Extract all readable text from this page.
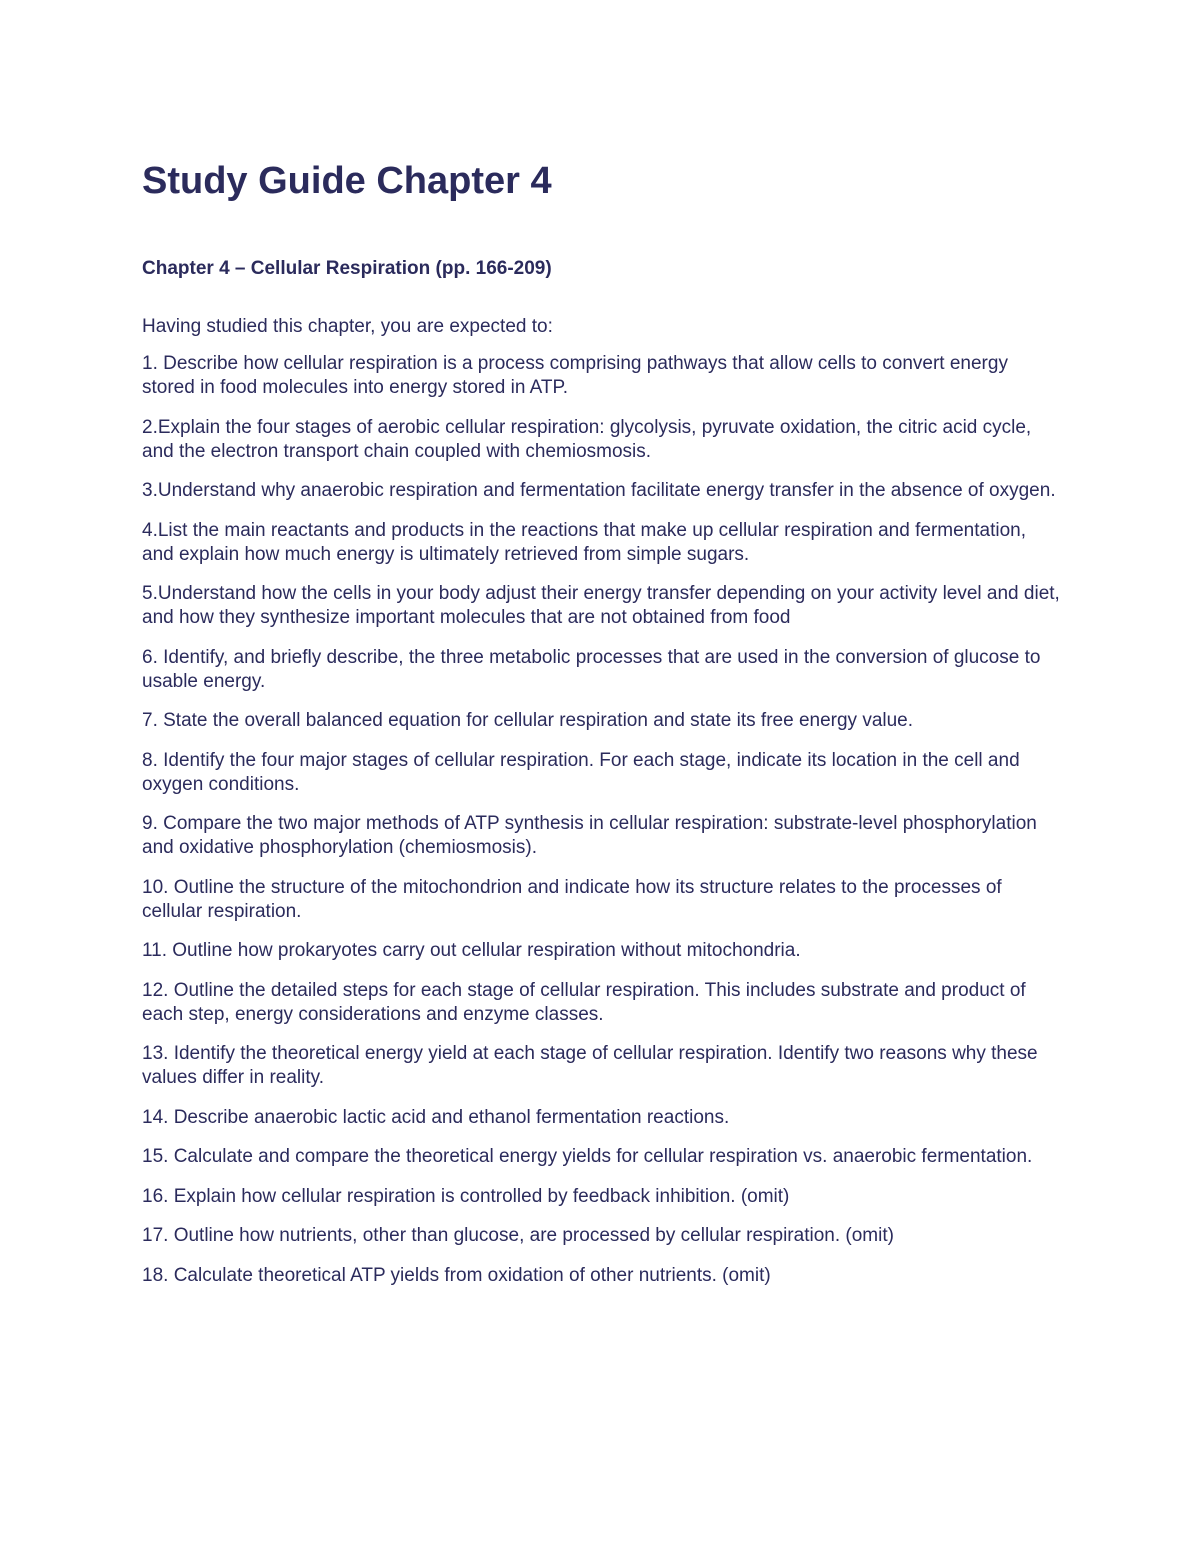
Study Guide Chapter 4
Chapter 4 – Cellular Respiration (pp. 166-209)

Having studied this chapter, you are expected to:

1. Describe how cellular respiration is a process comprising pathways that allow cells to convert energy stored in food molecules into energy stored in ATP.
2.Explain the four stages of aerobic cellular respiration: glycolysis, pyruvate oxidation, the citric acid cycle, and the electron transport chain coupled with chemiosmosis.
3.Understand why anaerobic respiration and fermentation facilitate energy transfer in the absence of oxygen.
4.List the main reactants and products in the reactions that make up cellular respiration and fermentation, and explain how much energy is ultimately retrieved from simple sugars.
5.Understand how the cells in your body adjust their energy transfer depending on your activity level and diet, and how they synthesize important molecules that are not obtained from food
6. Identify, and briefly describe, the three metabolic processes that are used in the conversion of glucose to usable energy.
7. State the overall balanced equation for cellular respiration and state its free energy value.
8. Identify the four major stages of cellular respiration. For each stage, indicate its location in the cell and oxygen conditions.
9. Compare the two major methods of ATP synthesis in cellular respiration: substrate-level phosphorylation and oxidative phosphorylation (chemiosmosis).
10. Outline the structure of the mitochondrion and indicate how its structure relates to the processes of cellular respiration.
11. Outline how prokaryotes carry out cellular respiration without mitochondria.
12. Outline the detailed steps for each stage of cellular respiration. This includes substrate and product of each step, energy considerations and enzyme classes.
13. Identify the theoretical energy yield at each stage of cellular respiration. Identify two reasons why these values differ in reality.
14. Describe anaerobic lactic acid and ethanol fermentation reactions.
15. Calculate and compare the theoretical energy yields for cellular respiration vs. anaerobic fermentation.
16. Explain how cellular respiration is controlled by feedback inhibition. (omit)
17. Outline how nutrients, other than glucose, are processed by cellular respiration. (omit)
18. Calculate theoretical ATP yields from oxidation of other nutrients. (omit)
